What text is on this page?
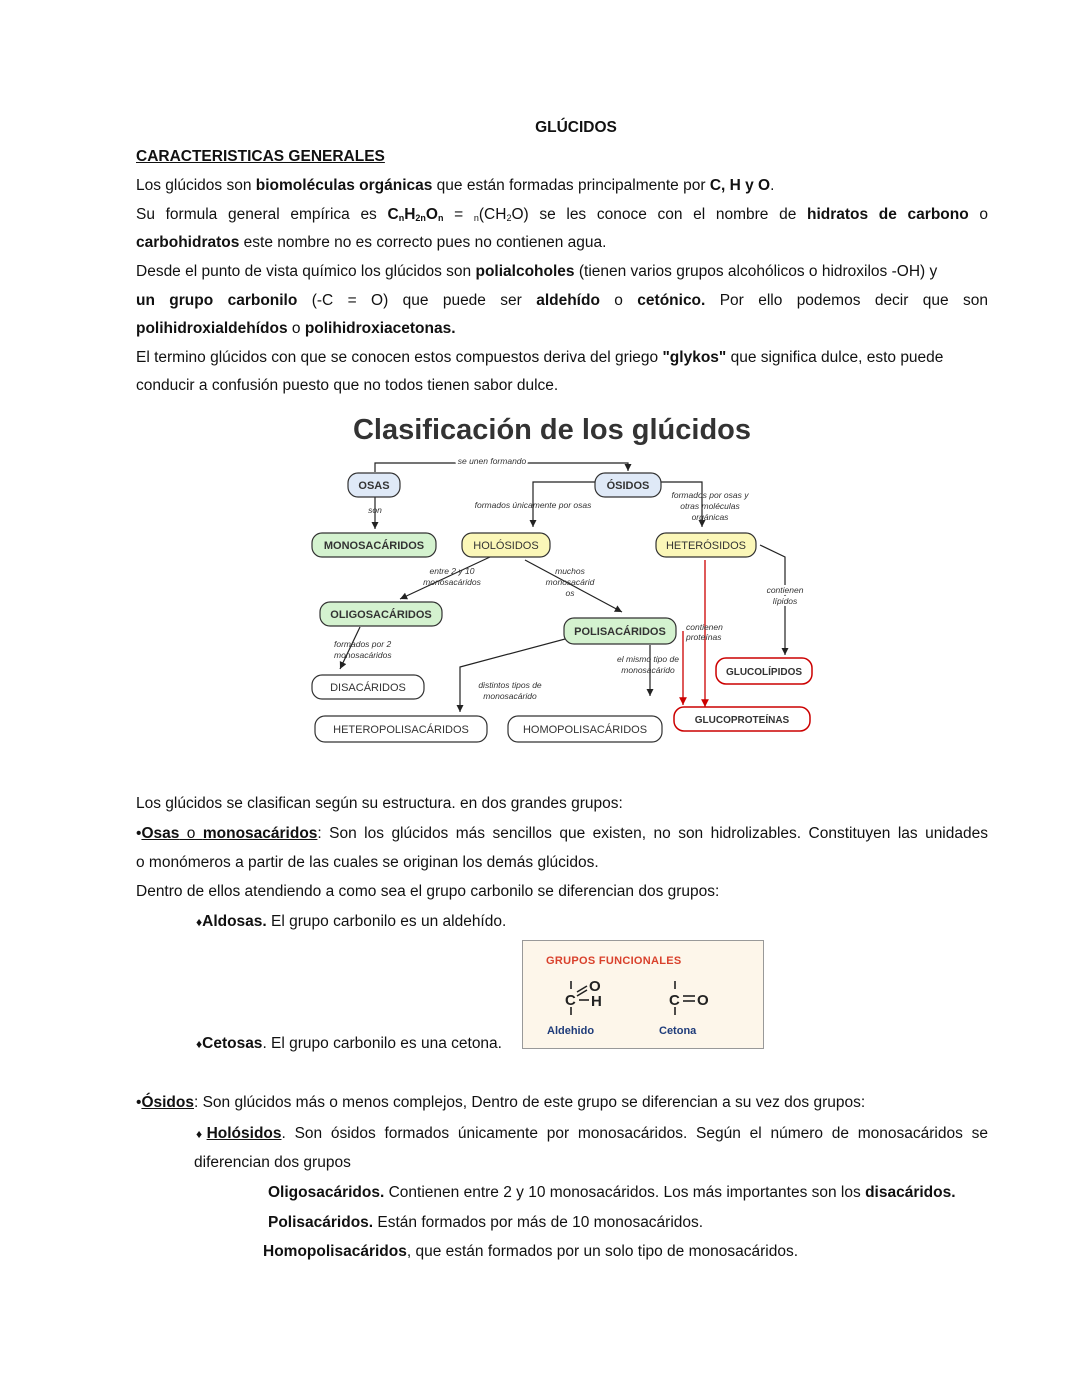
GLÚCIDOS
CARACTERISTICAS GENERALES
Los glúcidos son biomoléculas orgánicas que están formadas principalmente por C, H y O.
Su formula general empírica es $C_nH_{2n}O_n = _n(CH_2O)$ se les conoce con el nombre de hidratos de carbono o
carbohidratos este nombre no es correcto pues no contienen agua.
Desde el punto de vista químico los glúcidos son polialcoholes (tienen varios grupos alcohólicos o hidroxilos -OH) y
un grupo carbonilo (-C = O) que puede ser aldehído o cetónico. Por ello podemos decir que son
polihidroxialdehídos o polihidroxiacetonas.
El termino glúcidos con que se conocen estos compuestos deriva del griego "glykos" que significa dulce, esto puede
conducir a confusión puesto que no todos tienen sabor dulce.
Clasificación de los glúcidos
OSAS	ÓSIDOS
MONOSACÁRIDOS	HOLÓSIDOS	HETERÓSIDOS
OLIGOSACÁRIDOS
POLISACÁRIDOS
DISACÁRIDOS
GLUCOLÍPIDOS
HETEROPOLISACÁRIDOS	HOMOPOLISACÁRIDOS
GLUCOPROTEÍNAS
se unen formando
son	formados únicamente por osas
formados por osas y
otras moléculas
orgánicas
entre 2 y 10
monosacáridos
muchos
monosacárid
os	contienen
lípidos
contienen
proteínas
formados por 2
monosacáridos	el mismo tipo de
monosacárido
distintos tipos de
monosacárido
Los glúcidos se clasifican según su estructura. en dos grandes grupos:
•Osas o monosacáridos: Son los glúcidos más sencillos que existen, no son hidrolizables. Constituyen las unidades
o monómeros a partir de las cuales se originan los demás glúcidos.
Dentro de ellos atendiendo a como sea el grupo carbonilo se diferencian dos grupos:
♦Aldosas. El grupo carbonilo es un aldehído.
GRUPOS FUNCIONALES
C
O
H	C O
Aldehido	Cetona
♦Cetosas. El grupo carbonilo es una cetona.
•Ósidos: Son glúcidos más o menos complejos, Dentro de este grupo se diferencian a su vez dos grupos:
♦Holósidos. Son ósidos formados únicamente por monosacáridos. Según el número de monosacáridos se
diferencian dos grupos
Oligosacáridos. Contienen entre 2 y 10 monosacáridos. Los más importantes son los disacáridos.
Polisacáridos. Están formados por más de 10 monosacáridos.
Homopolisacáridos, que están formados por un solo tipo de monosacáridos.
